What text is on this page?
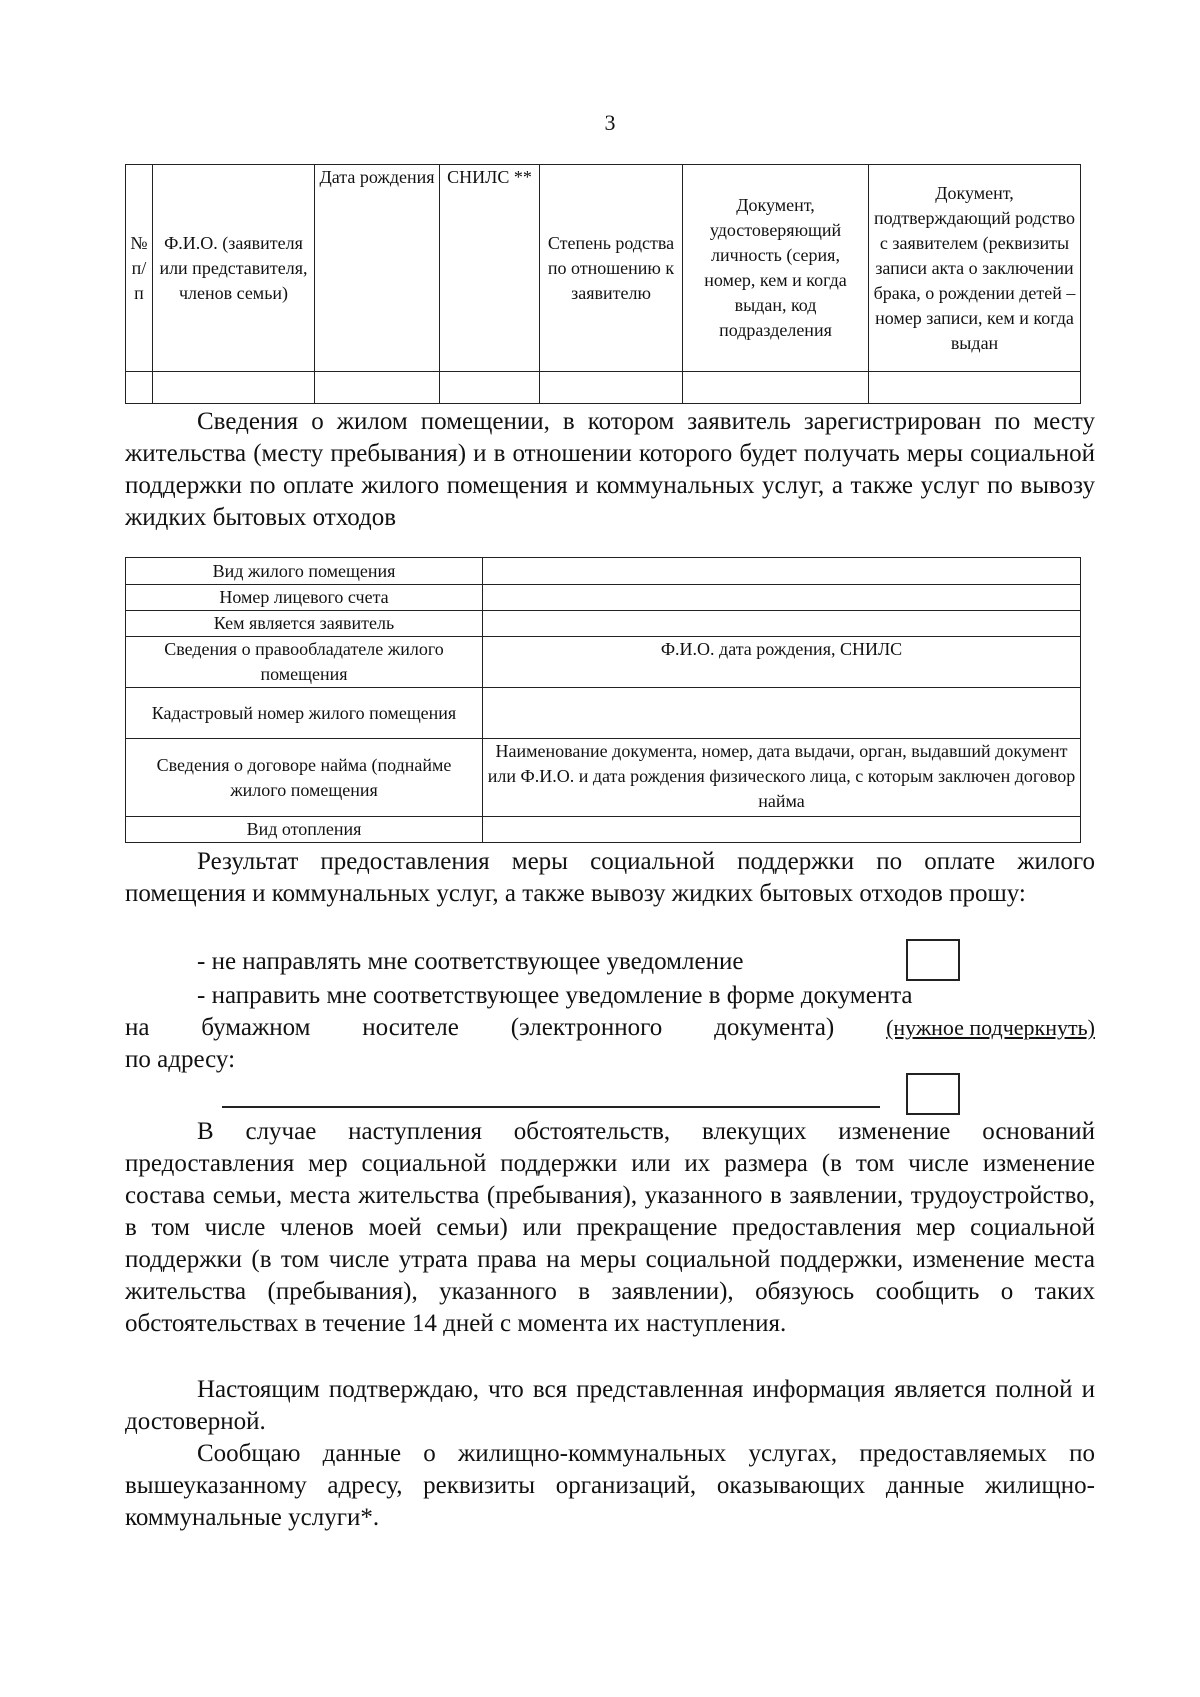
3
№ п/ п	Ф.И.О. (заявителя или представителя, членов семьи)	Дата рождения	СНИЛС **	Степень родства по отношению к заявителю	Документ, удостоверяющий личность (серия, номер, кем и когда выдан, код подразделения	Документ, подтверждающий родство с заявителем (реквизиты записи акта о заключении брака, о рождении детей – номер записи, кем и когда выдан

Сведения о жилом помещении, в котором заявитель зарегистрирован по месту жительства (месту пребывания) и в отношении которого будет получать меры социальной поддержки по оплате жилого помещения и коммунальных услуг, а также услуг по вывозу жидких бытовых отходов

Вид жилого помещения	
Номер лицевого счета	
Кем является заявитель	
Сведения о правообладателе жилого помещения	Ф.И.О. дата рождения, СНИЛС
Кадастровый номер жилого помещения	
Сведения о договоре найма (поднайме жилого помещения	Наименование документа, номер, дата выдачи, орган, выдавший документ или Ф.И.О. и дата рождения физического лица, с которым заключен договор найма
Вид отопления	

Результат предоставления меры социальной поддержки по оплате жилого помещения и коммунальных услуг, а также вывозу жидких бытовых отходов прошу:

- не направлять мне соответствующее уведомление
- направить мне соответствующее уведомление в форме документа
на бумажном носителе (электронного документа) (нужное подчеркнуть)
по адресу:

В случае наступления обстоятельств, влекущих изменение оснований предоставления мер социальной поддержки или их размера (в том числе изменение состава семьи, места жительства (пребывания), указанного в заявлении, трудоустройство, в том числе членов моей семьи) или прекращение предоставления мер социальной поддержки (в том числе утрата права на меры социальной поддержки, изменение места жительства (пребывания), указанного в заявлении), обязуюсь сообщить о таких обстоятельствах в течение 14 дней с момента их наступления.

Настоящим подтверждаю, что вся представленная информация является полной и достоверной.

Сообщаю данные о жилищно-коммунальных услугах, предоставляемых по вышеуказанному адресу, реквизиты организаций, оказывающих данные жилищно-коммунальные услуги*.
